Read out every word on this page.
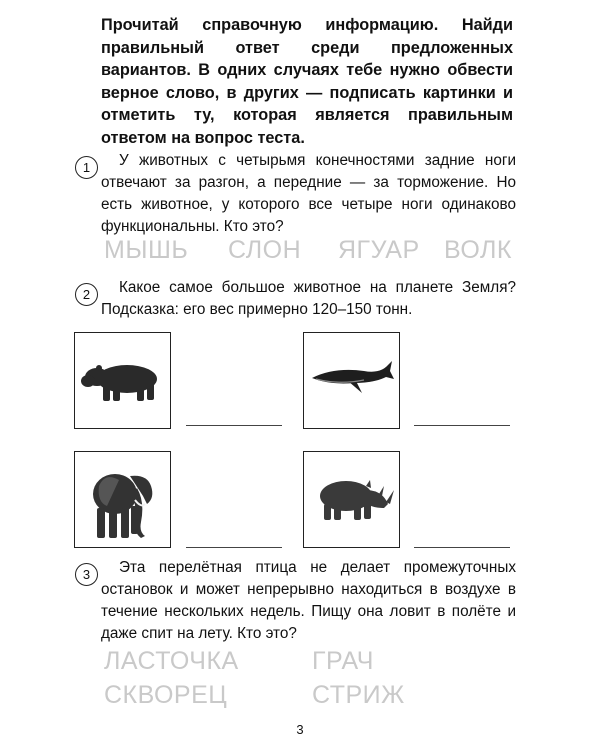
Прочитай справочную информацию. Найди правильный ответ среди предложенных вариантов. В одних случаях тебе нужно обвести верное слово, в других — подписать картинки и отметить ту, которая является правильным ответом на вопрос теста.
1	У животных с четырьмя конечностями задние ноги отвечают за разгон, а передние — за торможение. Но есть животное, у которого все четыре ноги одинаково функциональны. Кто это?
МЫШЬ СЛОН ЯГУАР ВОЛК
2	Какое самое большое животное на планете Земля? Подсказка: его вес примерно 120–150 тонн.
3	Эта перелётная птица не делает промежуточных остановок и может непрерывно находиться в воздухе в течение нескольких недель. Пищу она ловит в полёте и даже спит на лету. Кто это?
ЛАСТОЧКА	ГРАЧ
СКВОРЕЦ	СТРИЖ
3
